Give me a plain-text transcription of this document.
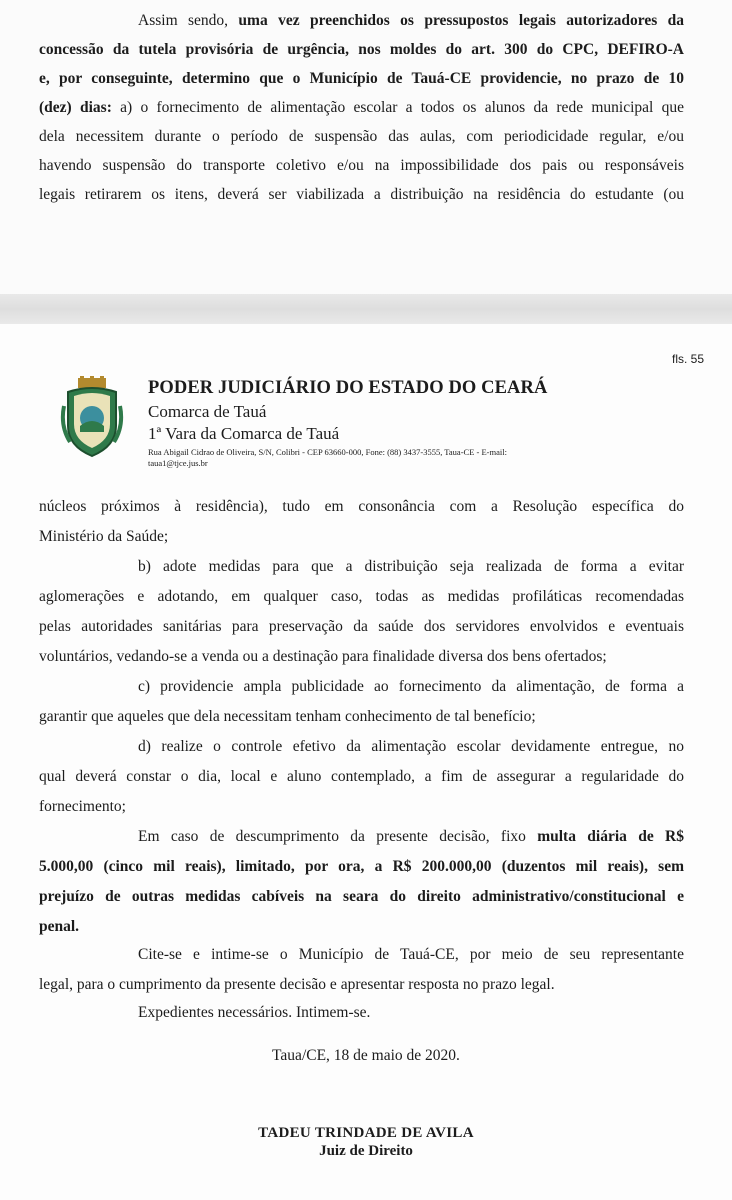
Assim sendo, uma vez preenchidos os pressupostos legais autorizadores da
concessão da tutela provisória de urgência, nos moldes do art. 300 do CPC, DEFIRO-A
e, por conseguinte, determino que o Município de Tauá-CE providencie, no prazo de 10
(dez) dias: a) o fornecimento de alimentação escolar a todos os alunos da rede municipal que
dela necessitem durante o período de suspensão das aulas, com periodicidade regular, e/ou
havendo suspensão do transporte coletivo e/ou na impossibilidade dos pais ou responsáveis
legais retirarem os itens, deverá ser viabilizada a distribuição na residência do estudante (ou
fls. 55
PODER JUDICIÁRIO DO ESTADO DO CEARÁ
Comarca de Tauá
1ª Vara da Comarca de Tauá
Rua Abigail Cidrao de Oliveira, S/N, Colibri - CEP 63660-000, Fone: (88) 3437-3555, Taua-CE - E-mail:
taua1@tjce.jus.br
núcleos próximos à residência), tudo em consonância com a Resolução específica do
Ministério da Saúde;
b) adote medidas para que a distribuição seja realizada de forma a evitar
aglomerações e adotando, em qualquer caso, todas as medidas profiláticas recomendadas
pelas autoridades sanitárias para preservação da saúde dos servidores envolvidos e eventuais
voluntários, vedando-se a venda ou a destinação para finalidade diversa dos bens ofertados;
c) providencie ampla publicidade ao fornecimento da alimentação, de forma a
garantir que aqueles que dela necessitam tenham conhecimento de tal benefício;
d) realize o controle efetivo da alimentação escolar devidamente entregue, no
qual deverá constar o dia, local e aluno contemplado, a fim de assegurar a regularidade do
fornecimento;
Em caso de descumprimento da presente decisão, fixo multa diária de R$
5.000,00 (cinco mil reais), limitado, por ora, a R$ 200.000,00 (duzentos mil reais), sem
prejuízo de outras medidas cabíveis na seara do direito administrativo/constitucional e
penal.
Cite-se e intime-se o Município de Tauá-CE, por meio de seu representante
legal, para o cumprimento da presente decisão e apresentar resposta no prazo legal.
Expedientes necessários. Intimem-se.
Taua/CE, 18 de maio de 2020.
TADEU TRINDADE DE AVILA
Juiz de Direito
